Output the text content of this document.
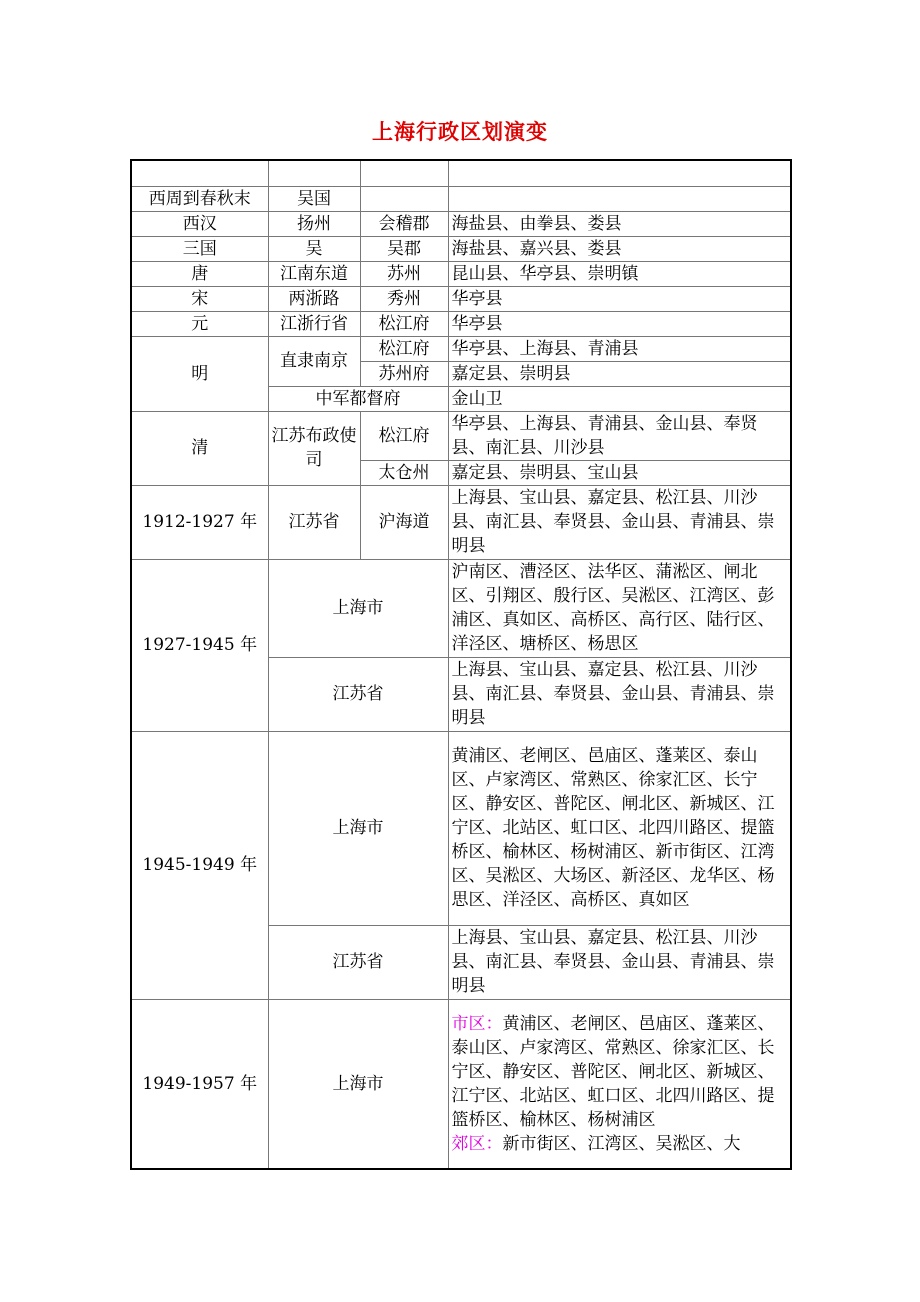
上海行政区划演变

西周到春秋末	吴国		
西汉	扬州	会稽郡	海盐县、由拳县、娄县
三国	吴	吴郡	海盐县、嘉兴县、娄县
唐	江南东道	苏州	昆山县、华亭县、崇明镇
宋	两浙路	秀州	华亭县
元	江浙行省	松江府	华亭县
明	直隶南京	松江府	华亭县、上海县、青浦县
		苏州府	嘉定县、崇明县
	中军都督府		金山卫
清	江苏布政使司	松江府	华亭县、上海县、青浦县、金山县、奉贤县、南汇县、川沙县
		太仓州	嘉定县、崇明县、宝山县
1912-1927 年	江苏省	沪海道	上海县、宝山县、嘉定县、松江县、川沙县、南汇县、奉贤县、金山县、青浦县、崇明县
1927-1945 年	上海市		沪南区、漕泾区、法华区、蒲淞区、闸北区、引翔区、殷行区、吴淞区、江湾区、彭浦区、真如区、高桥区、高行区、陆行区、洋泾区、塘桥区、杨思区
	江苏省		上海县、宝山县、嘉定县、松江县、川沙县、南汇县、奉贤县、金山县、青浦县、崇明县
1945-1949 年	上海市		黄浦区、老闸区、邑庙区、蓬莱区、泰山区、卢家湾区、常熟区、徐家汇区、长宁区、静安区、普陀区、闸北区、新城区、江宁区、北站区、虹口区、北四川路区、提篮桥区、榆林区、杨树浦区、新市街区、江湾区、吴淞区、大场区、新泾区、龙华区、杨思区、洋泾区、高桥区、真如区
	江苏省		上海县、宝山县、嘉定县、松江县、川沙县、南汇县、奉贤县、金山县、青浦县、崇明县
1949-1957 年	上海市		市区：黄浦区、老闸区、邑庙区、蓬莱区、泰山区、卢家湾区、常熟区、徐家汇区、长宁区、静安区、普陀区、闸北区、新城区、江宁区、北站区、虹口区、北四川路区、提篮桥区、榆林区、杨树浦区
郊区：新市街区、江湾区、吴淞区、大
